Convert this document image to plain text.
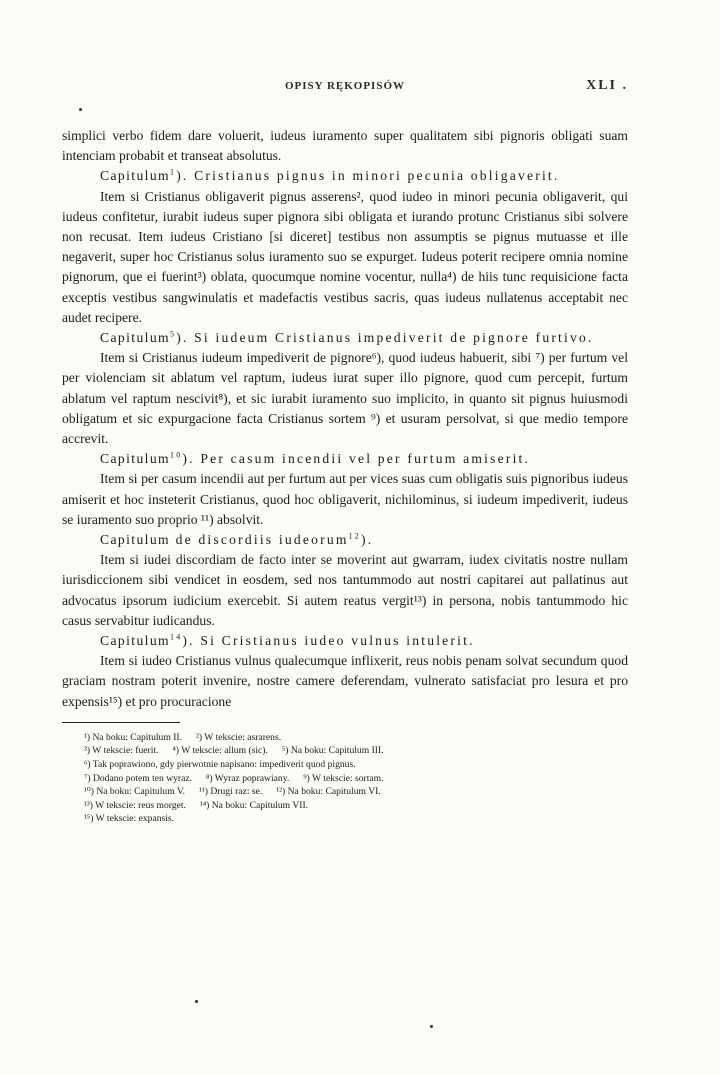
OPISY RĘKOPISÓW	XLI .

simplici verbo fidem dare voluerit, iudeus iuramento super qualitatem sibi pignoris obligati suam intenciam probabit et transeat absolutus.

Capitulum$^1$). Cristianus pignus in minori pecunia obligaverit.

Item si Cristianus obligaverit pignus asserens², quod iudeo in minori pecunia obligaverit, qui iudeus confitetur, iurabit iudeus super pignora sibi obligata et iurando protunc Cristianus sibi solvere non recusat. Item iudeus Cristiano [si diceret] testibus non assumptis se pignus mutuasse et ille negaverit, super hoc Cristianus solus iuramento suo se expurget. Iudeus poterit recipere omnia nomine pignorum, que ei fuerint³) oblata, quocumque nomine vocentur, nulla⁴) de hiis tunc requisicione facta exceptis vestibus sangwinulatis et madefactis vestibus sacris, quas iudeus nullatenus acceptabit nec audet recipere.

Capitulum$^5$). Si iudeum Cristianus impediverit de pignore furtivo.

Item si Cristianus iudeum impediverit de pignore⁶), quod iudeus habuerit, sibi ⁷) per furtum vel per violenciam sit ablatum vel raptum, iudeus iurat super illo pignore, quod cum percepit, furtum ablatum vel raptum nescivit⁸), et sic iurabit iuramento suo implicito, in quanto sit pignus huiusmodi obligatum et sic expurgacione facta Cristianus sortem ⁹) et usuram persolvat, si que medio tempore accrevit.

Capitulum$^{10}$). Per casum incendii vel per furtum amiserit.

Item si per casum incendii aut per furtum aut per vices suas cum obligatis suis pignoribus iudeus amiserit et hoc insteterit Cristianus, quod hoc obligaverit, nichilominus, si iudeum impediverit, iudeus se iuramento suo proprio ¹¹) absolvit.

Capitulum de discordiis iudeorum$^{12}$).

Item si iudei discordiam de facto inter se moverint aut gwarram, iudex civitatis nostre nullam iurisdiccionem sibi vendicet in eosdem, sed nos tantummodo aut nostri capitarei aut pallatinus aut advocatus ipsorum iudicium exercebit. Si autem reatus vergit¹³) in persona, nobis tantummodo hic casus servabitur iudicandus.

Capitulum$^{14}$). Si Cristianus iudeo vulnus intulerit.

Item si iudeo Cristianus vulnus qualecumque inflixerit, reus nobis penam solvat secundum quod graciam nostram poterit invenire, nostre camere deferendam, vulnerato satisfaciat pro lesura et pro expensis¹⁵) et pro procuracione

¹) Na boku: Capitulum II. ²) W tekscie: asrarens.
³) W tekscie: fuerit. ⁴) W tekscie: allum (sic). ⁵) Na boku: Capitulum III.
⁶) Tak poprawiono, gdy pierwotnie napisano: impediverit quod pignus.
⁷) Dodano potem ten wyraz. ⁸) Wyraz poprawiany. ⁹) W tekscie: sortam.
¹⁰) Na boku: Capitulum V. ¹¹) Drugi raz: se. ¹²) Na boku: Capitulum VI.
¹³) W tekscie: reus morget. ¹⁴) Na boku: Capitulum VII.
¹⁵) W tekscie: expansis.
